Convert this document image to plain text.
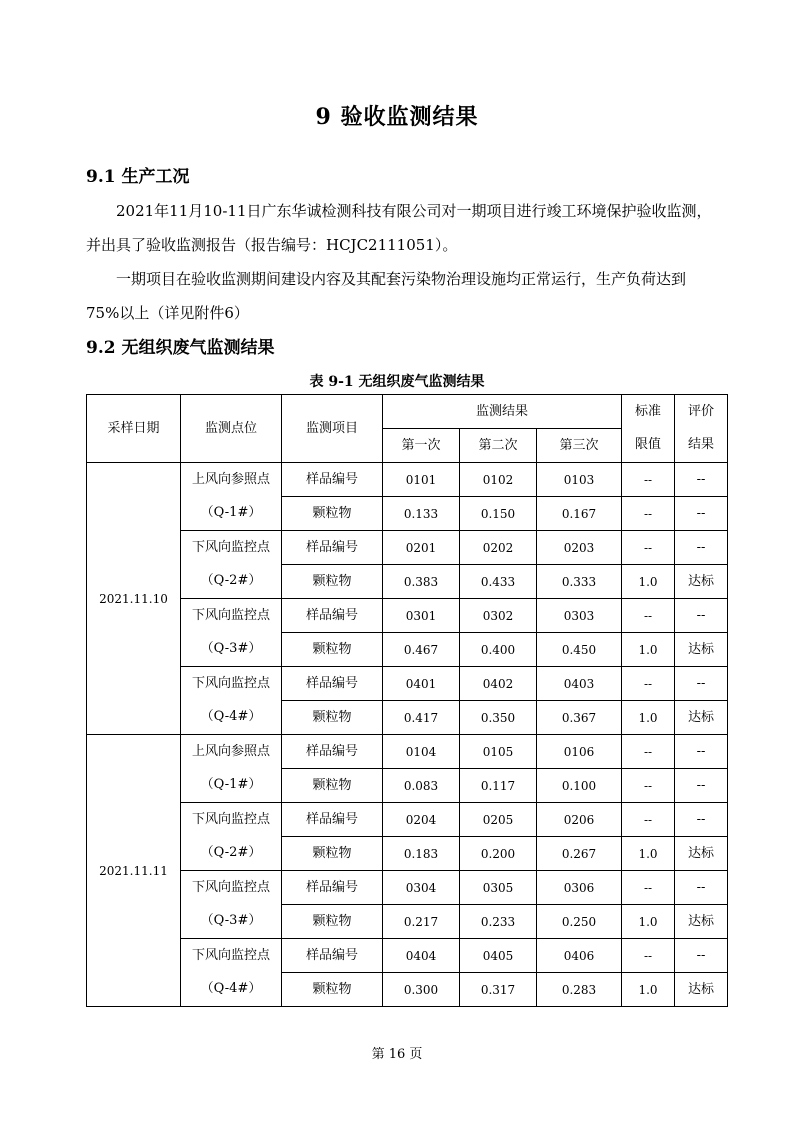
9 验收监测结果
9.1 生产工况

2021年11月10-11日广东华诚检测科技有限公司对一期项目进行竣工环境保护验收监测，并出具了验收监测报告（报告编号：HCJC2111051）。

一期项目在验收监测期间建设内容及其配套污染物治理设施均正常运行，生产负荷达到75%以上（详见附件6）

9.2 无组织废气监测结果
表 9-1 无组织废气监测结果
采样日期	监测点位	监测项目	监测结果			标准	评价
			第一次	第二次	第三次	限值	结果
2021.11.10	上风向参照点	样品编号	0101	0102	0103	--	--
	（Q-1#）	颗粒物	0.133	0.150	0.167	--	--
	下风向监控点	样品编号	0201	0202	0203	--	--
	（Q-2#）	颗粒物	0.383	0.433	0.333	1.0	达标
	下风向监控点	样品编号	0301	0302	0303	--	--
	（Q-3#）	颗粒物	0.467	0.400	0.450	1.0	达标
	下风向监控点	样品编号	0401	0402	0403	--	--
	（Q-4#）	颗粒物	0.417	0.350	0.367	1.0	达标
2021.11.11	上风向参照点	样品编号	0104	0105	0106	--	--
	（Q-1#）	颗粒物	0.083	0.117	0.100	--	--
	下风向监控点	样品编号	0204	0205	0206	--	--
	（Q-2#）	颗粒物	0.183	0.200	0.267	1.0	达标
	下风向监控点	样品编号	0304	0305	0306	--	--
	（Q-3#）	颗粒物	0.217	0.233	0.250	1.0	达标
	下风向监控点	样品编号	0404	0405	0406	--	--
	（Q-4#）	颗粒物	0.300	0.317	0.283	1.0	达标
第 16 页
